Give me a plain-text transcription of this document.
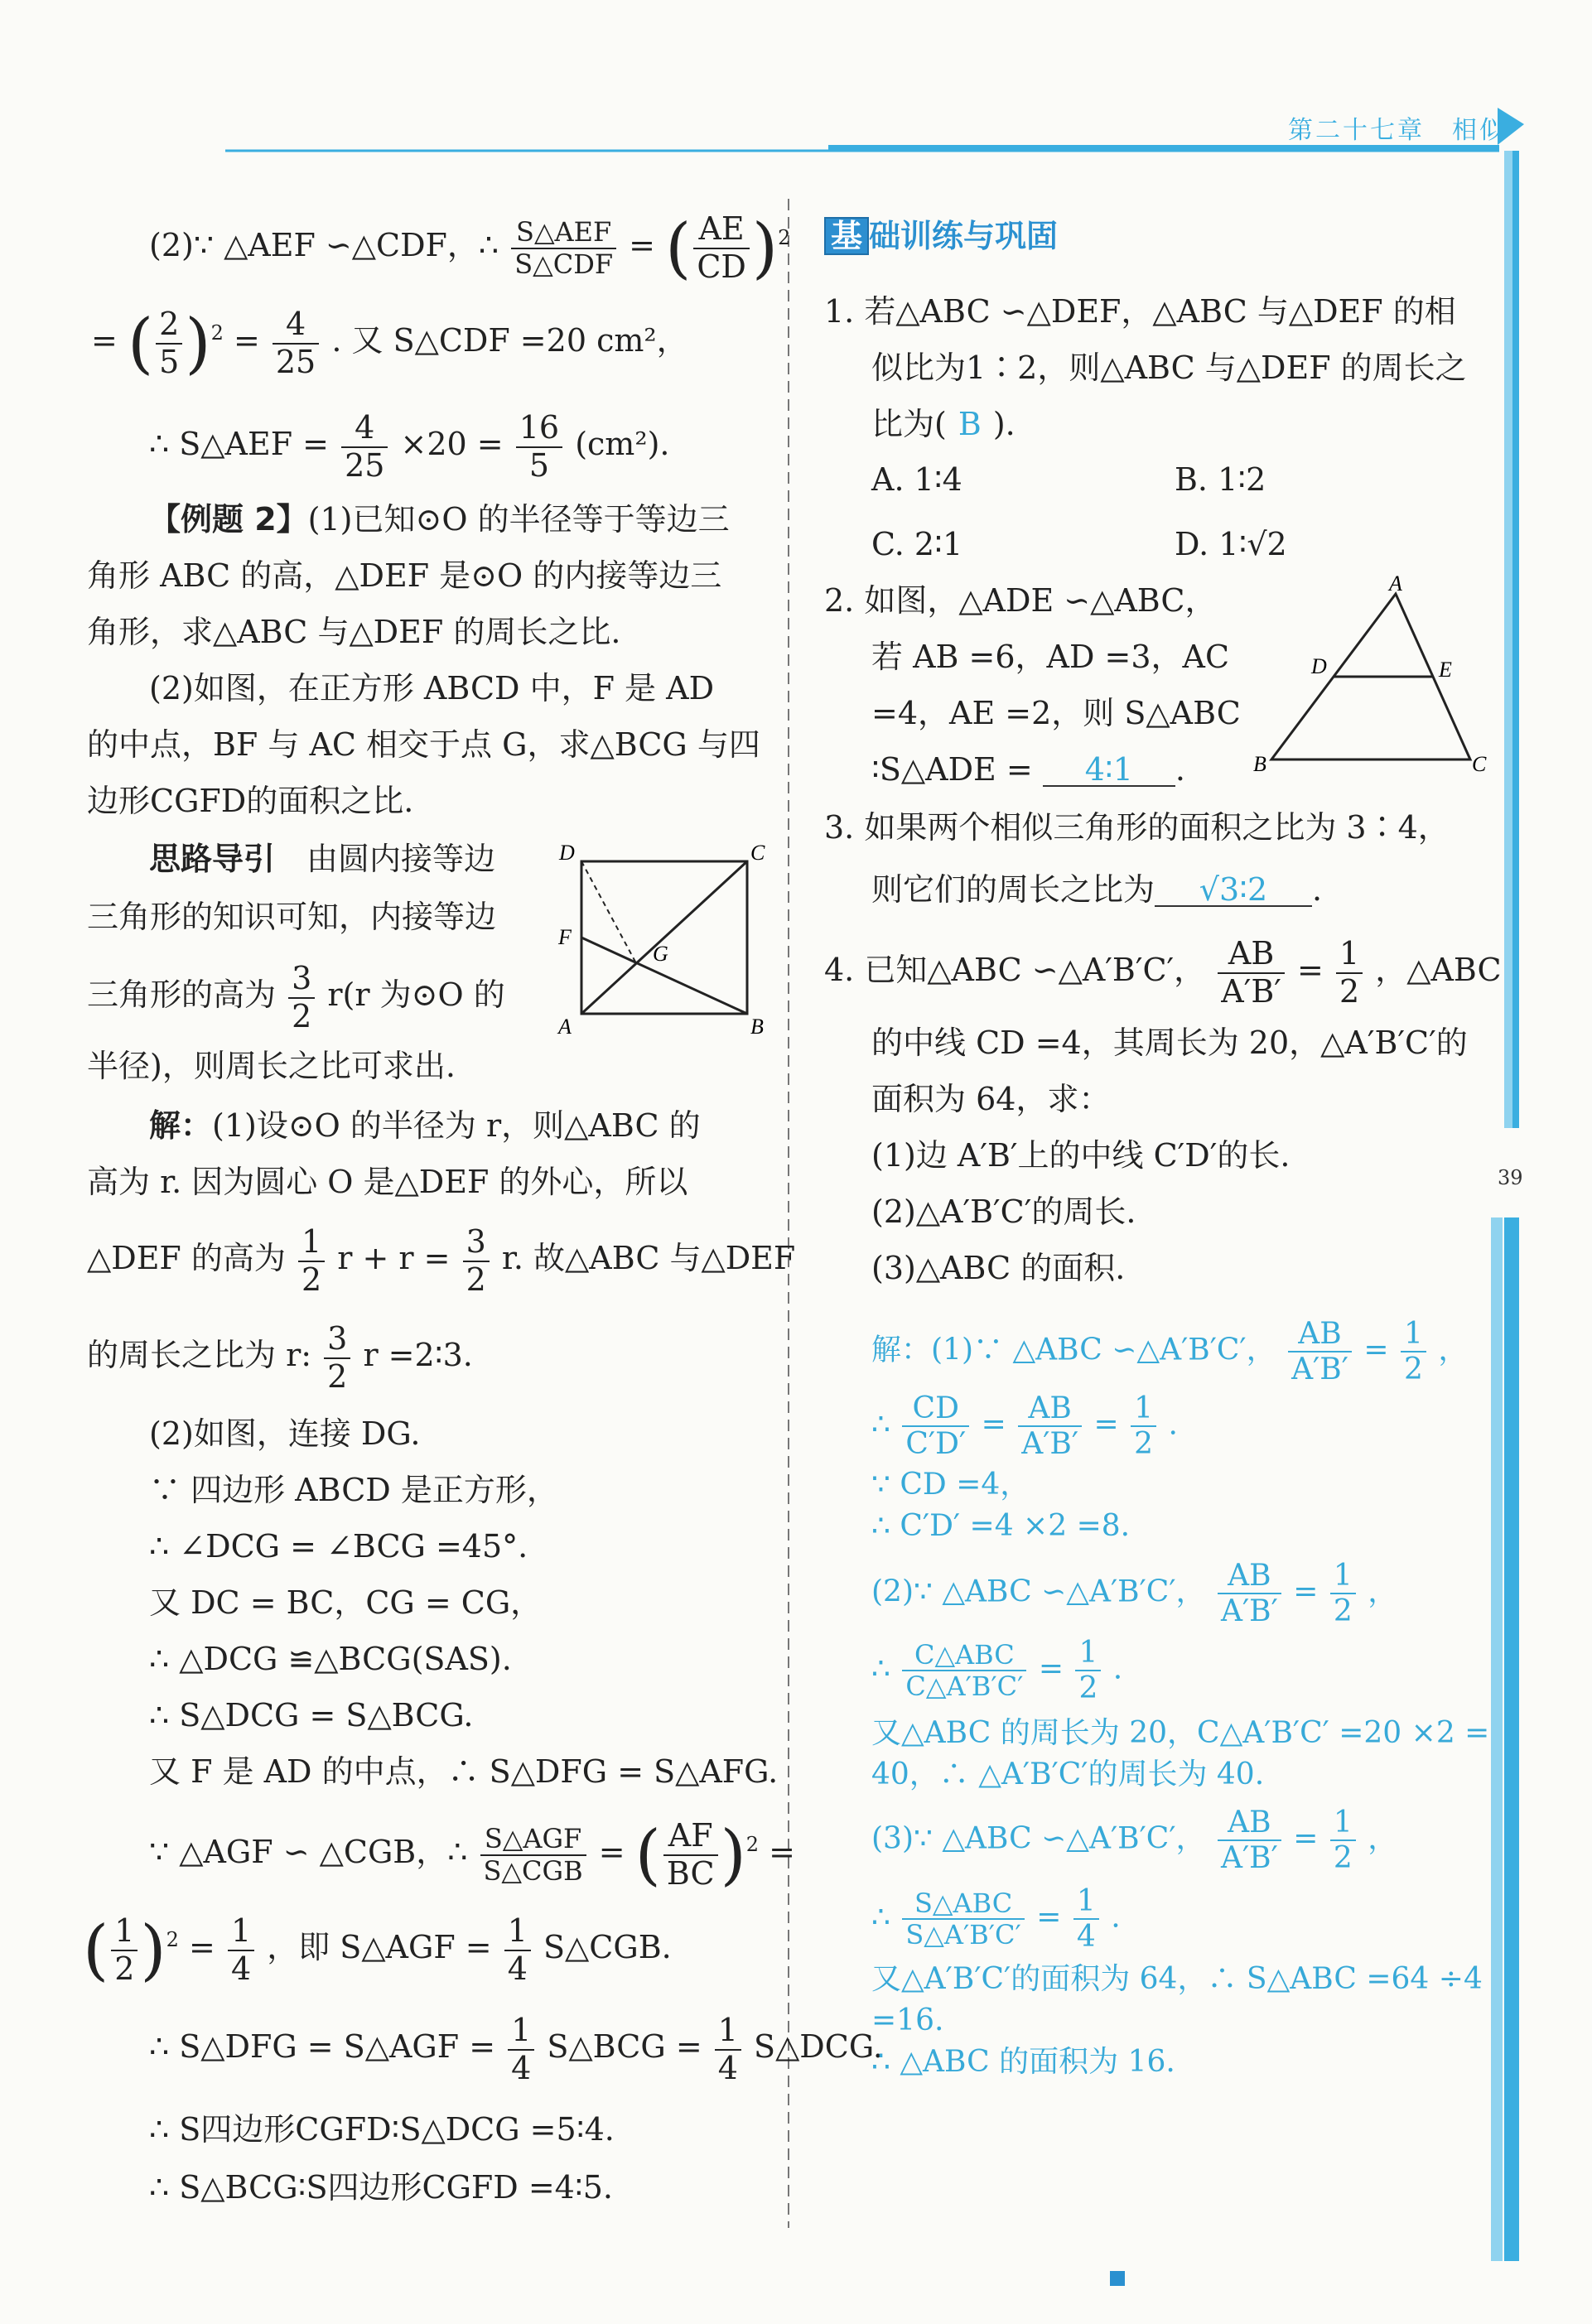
第二十七章　相似
39
(2)∵ △AEF ∽△CDF，∴ $\frac{\text{S△AEF}}{\text{S△CDF}}$ = ( $\frac{AE}{CD} )^2$
= ( $\frac{2}{5} )^2 = \frac{4}{25}$ . 又 S△CDF =20 cm²，
∴ S△AEF = $\frac{4}{25} \times 20 = \frac{16}{5} (cm^2)$.
【例题 2】(1)已知⊙O 的半径等于等边三
角形 ABC 的高，△DEF 是⊙O 的内接等边三
角形，求△ABC 与△DEF 的周长之比.
(2)如图，在正方形 ABCD 中，F 是 AD
的中点，BF 与 AC 相交于点 G，求△BCG 与四
边形CGFD的面积之比.
思路导引　 由圆内接等边
三角形的知识可知，内接等边
三角形的高为 $\frac{3}{2} r(r$ 为⊙O 的
半径)，则周长之比可求出.
D	C
F
G
A	B
解：(1)设⊙O 的半径为 r，则△ABC 的
高为 r. 因为圆心 O 是△DEF 的外心，所以
△DEF 的高为 $\frac{1}{2}$ $r + r = \frac{3}{2} r$. 故△ABC 与△DEF
的周长之比为 r: $\frac{3}{2}$ r =2∶3.
(2)如图，连接 DG.
∵ 四边形 ABCD 是正方形，
∴ ∠DCG = ∠BCG =45°.
又 DC = BC，CG = CG，
∴ △DCG ≌△BCG(SAS).
∴ S△DCG = S△BCG.
又 F 是 AD 的中点，∴ S△DFG = S△AFG.
∵ △AGF ∽ △CGB，∴ $\frac{\text{S△AGF}}{\text{S△CGB}}$ = ( $\frac{AF}{BC} )^2$ =
( $\frac{1}{2} )^2 = \frac{1}{4}$ ，即 S△AGF = $\frac{1}{4}$ S△CGB.
∴ S△DFG = S△AGF = $\frac{1}{4}$ S△BCG = $\frac{1}{4}$ S△DCG.
∴ S四边形CGFD∶S△DCG =5∶4.
∴ S△BCG∶S四边形CGFD =4∶5.
基 础训练与巩固
1. 若△ABC ∽△DEF，△ABC 与△DEF 的相
似比为1∶2，则△ABC 与△DEF 的周长之
比为( B ).
A. 1∶4	B. 1∶2
C. 2∶1	D. 1∶√2
2. 如图，△ADE ∽△ABC，
若 AB =6，AD =3，AC
=4，AE =2，则 S△ABC
∶S△ADE = 4∶1 .
A
D	E
B	C
3. 如果两个相似三角形的面积之比为 3∶4，
则它们的周长之比为 √3∶2 .
4. 已知△ABC ∽△A′B′C′， $\frac{AB}{A'B'} = \frac{1}{2}$ ，△ABC
的中线 CD =4，其周长为 20，△A′B′C′的
面积为 64，求：
(1)边 A′B′上的中线 C′D′的长.
(2)△A′B′C′的周长.
(3)△ABC 的面积.
解：(1)∵ △ABC ∽△A′B′C′， $\frac{AB}{A'B'} = \frac{1}{2}$ ，
∴ $\frac{CD}{C'D'} = \frac{AB}{A'B'} = \frac{1}{2}$ .
∵ CD =4，
∴ C′D′ =4 ×2 =8.
(2)∵ △ABC ∽△A′B′C′， $\frac{AB}{A'B'} = \frac{1}{2}$ ，
∴ $\frac{\text{C△ABC}}{C\triangle A'B'C'} = \frac{1}{2}$ .
又△ABC 的周长为 20，C△A′B′C′ =20 ×2 =
40，∴ △A′B′C′的周长为 40.
(3)∵ △ABC ∽△A′B′C′， $\frac{AB}{A'B'} = \frac{1}{2}$ ，
∴ $\frac{\text{S△ABC}}{S\triangle A'B'C'} = \frac{1}{4}$ .
又△A′B′C′的面积为 64，∴ S△ABC =64 ÷4
=16.
∴ △ABC 的面积为 16.
